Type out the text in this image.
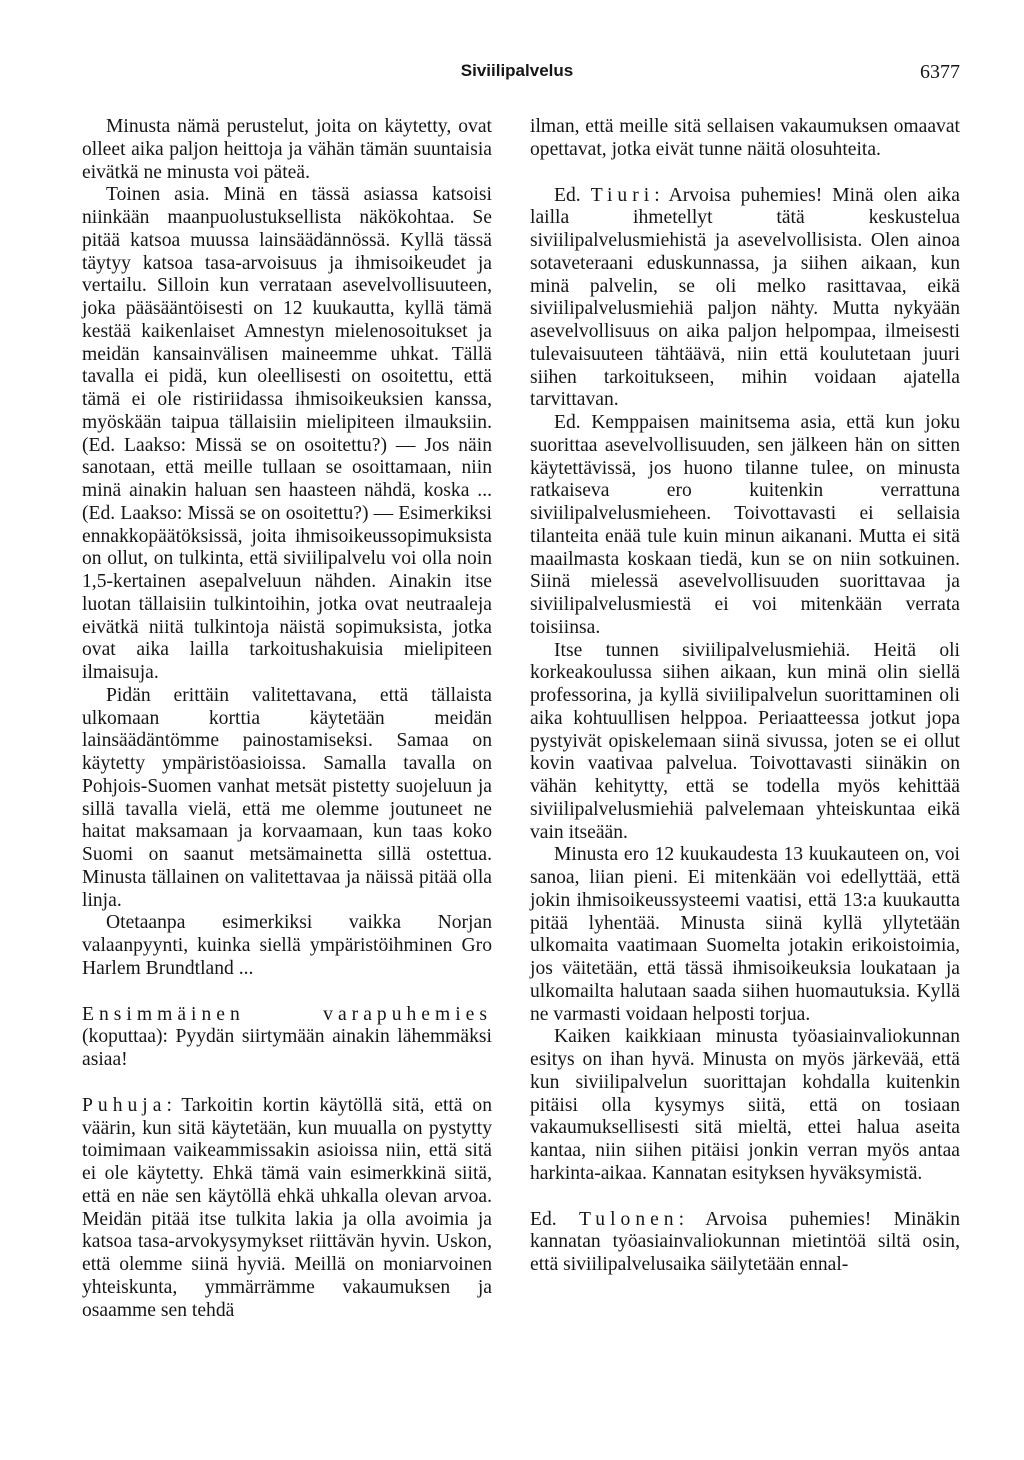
Siviilipalvelus	6377

Minusta nämä perustelut, joita on käytetty, ovat olleet aika paljon heittoja ja vähän tämän suuntaisia eivätkä ne minusta voi päteä.

Toinen asia. Minä en tässä asiassa katsoisi niinkään maanpuolustuksellista näkökohtaa. Se pitää katsoa muussa lainsäädännössä. Kyllä tässä täytyy katsoa tasa-arvoisuus ja ihmisoikeudet ja vertailu. Silloin kun verrataan asevelvollisuuteen, joka pääsääntöisesti on 12 kuukautta, kyllä tämä kestää kaikenlaiset Amnestyn mielenosoitukset ja meidän kansainvälisen maineemme uhkat. Tällä tavalla ei pidä, kun oleellisesti on osoitettu, että tämä ei ole ristiriidassa ihmisoikeuksien kanssa, myöskään taipua tällaisiin mielipiteen ilmauksiin. (Ed. Laakso: Missä se on osoitettu?) — Jos näin sanotaan, että meille tullaan se osoittamaan, niin minä ainakin haluan sen haasteen nähdä, koska ... (Ed. Laakso: Missä se on osoitettu?) — Esimerkiksi ennakkopäätöksissä, joita ihmisoikeussopimuksista on ollut, on tulkinta, että siviilipalvelu voi olla noin 1,5-kertainen asepalveluun nähden. Ainakin itse luotan tällaisiin tulkintoihin, jotka ovat neutraaleja eivätkä niitä tulkintoja näistä sopimuksista, jotka ovat aika lailla tarkoitushakuisia mielipiteen ilmaisuja.

Pidän erittäin valitettavana, että tällaista ulkomaan korttia käytetään meidän lainsäädäntömme painostamiseksi. Samaa on käytetty ympäristöasioissa. Samalla tavalla on Pohjois-Suomen vanhat metsät pistetty suojeluun ja sillä tavalla vielä, että me olemme joutuneet ne haitat maksamaan ja korvaamaan, kun taas koko Suomi on saanut metsämainetta sillä ostettua. Minusta tällainen on valitettavaa ja näissä pitää olla linja.

Otetaanpa esimerkiksi vaikka Norjan valaanpyynti, kuinka siellä ympäristöihminen Gro Harlem Brundtland ...

Ensimmäinen varapuhemies (koputtaa): Pyydän siirtymään ainakin lähemmäksi asiaa!

Puhuja: Tarkoitin kortin käytöllä sitä, että on väärin, kun sitä käytetään, kun muualla on pystytty toimimaan vaikeammissakin asioissa niin, että sitä ei ole käytetty. Ehkä tämä vain esimerkkinä siitä, että en näe sen käytöllä ehkä uhkalla olevan arvoa. Meidän pitää itse tulkita lakia ja olla avoimia ja katsoa tasa-arvokysymykset riittävän hyvin. Uskon, että olemme siinä hyviä. Meillä on moniarvoinen yhteiskunta, ymmärrämme vakaumuksen ja osaamme sen tehdä

ilman, että meille sitä sellaisen vakaumuksen omaavat opettavat, jotka eivät tunne näitä olosuhteita.

Ed. Tiuri: Arvoisa puhemies! Minä olen aika lailla ihmetellyt tätä keskustelua siviilipalvelusmiehistä ja asevelvollisista. Olen ainoa sotaveteraani eduskunnassa, ja siihen aikaan, kun minä palvelin, se oli melko rasittavaa, eikä siviilipalvelusmiehiä paljon nähty. Mutta nykyään asevelvollisuus on aika paljon helpompaa, ilmeisesti tulevaisuuteen tähtäävä, niin että koulutetaan juuri siihen tarkoitukseen, mihin voidaan ajatella tarvittavan.

Ed. Kemppaisen mainitsema asia, että kun joku suorittaa asevelvollisuuden, sen jälkeen hän on sitten käytettävissä, jos huono tilanne tulee, on minusta ratkaiseva ero kuitenkin verrattuna siviilipalvelusmieheen. Toivottavasti ei sellaisia tilanteita enää tule kuin minun aikanani. Mutta ei sitä maailmasta koskaan tiedä, kun se on niin sotkuinen. Siinä mielessä asevelvollisuuden suorittavaa ja siviilipalvelusmiestä ei voi mitenkään verrata toisiinsa.

Itse tunnen siviilipalvelusmiehiä. Heitä oli korkeakoulussa siihen aikaan, kun minä olin siellä professorina, ja kyllä siviilipalvelun suorittaminen oli aika kohtuullisen helppoa. Periaatteessa jotkut jopa pystyivät opiskelemaan siinä sivussa, joten se ei ollut kovin vaativaa palvelua. Toivottavasti siinäkin on vähän kehitytty, että se todella myös kehittää siviilipalvelusmiehiä palvelemaan yhteiskuntaa eikä vain itseään.

Minusta ero 12 kuukaudesta 13 kuukauteen on, voi sanoa, liian pieni. Ei mitenkään voi edellyttää, että jokin ihmisoikeussysteemi vaatisi, että 13:a kuukautta pitää lyhentää. Minusta siinä kyllä yllytetään ulkomaita vaatimaan Suomelta jotakin erikoistoimia, jos väitetään, että tässä ihmisoikeuksia loukataan ja ulkomailta halutaan saada siihen huomautuksia. Kyllä ne varmasti voidaan helposti torjua.

Kaiken kaikkiaan minusta työasiainvaliokunnan esitys on ihan hyvä. Minusta on myös järkevää, että kun siviilipalvelun suorittajan kohdalla kuitenkin pitäisi olla kysymys siitä, että on tosiaan vakaumuksellisesti sitä mieltä, ettei halua aseita kantaa, niin siihen pitäisi jonkin verran myös antaa harkinta-aikaa. Kannatan esityksen hyväksymistä.

Ed. Tulonen: Arvoisa puhemies! Minäkin kannatan työasiainvaliokunnan mietintöä siltä osin, että siviilipalvelusaika säilytetään ennal-
